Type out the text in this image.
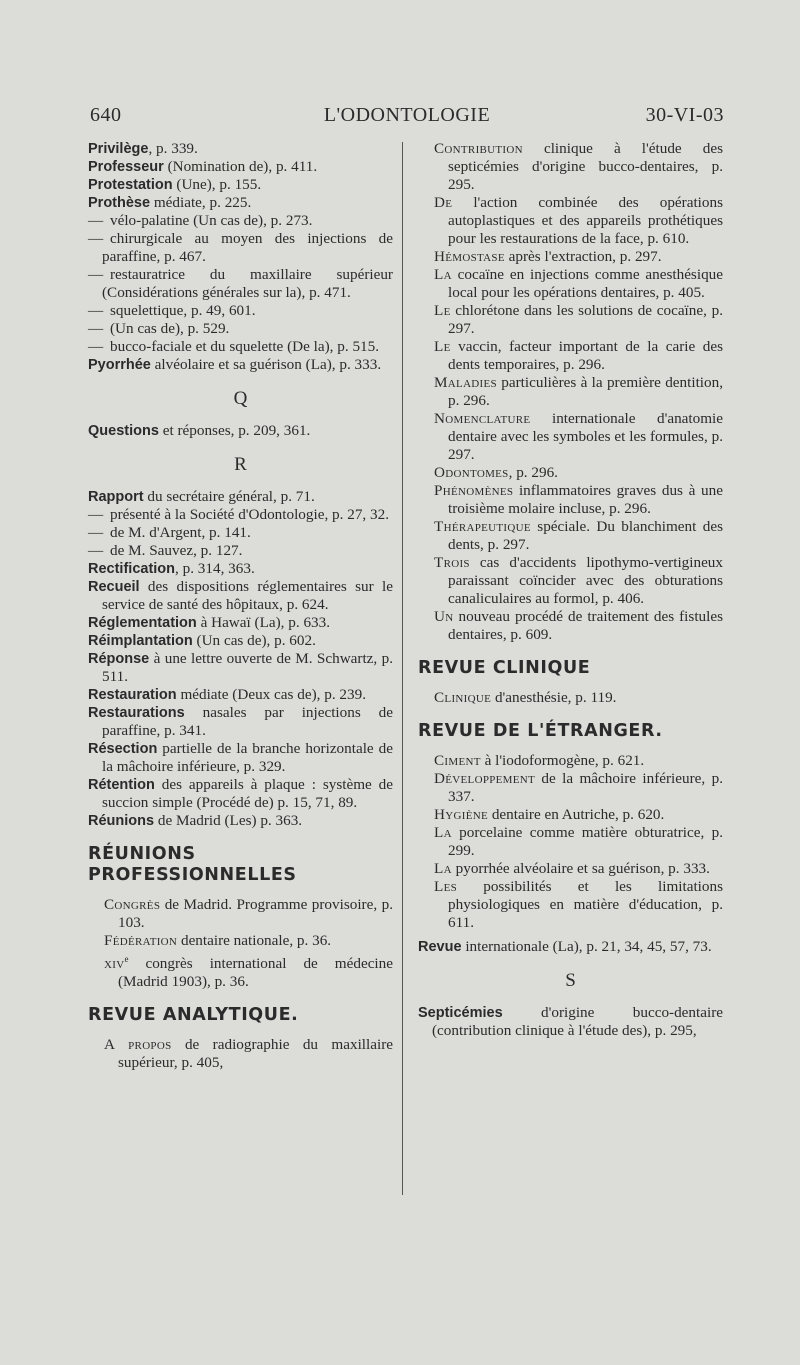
640	L'ODONTOLOGIE	30-VI-03
Privilège, p. 339.
Professeur (Nomination de), p. 411.
Protestation (Une), p. 155.
Prothèse médiate, p. 225.
— vélo-palatine (Un cas de), p. 273.
— chirurgicale au moyen des injections de paraffine, p. 467.
— restauratrice du maxillaire supérieur (Considérations générales sur la), p. 471.
— squelettique, p. 49, 601.
— (Un cas de), p. 529.
— bucco-faciale et du squelette (De la), p. 515.
Pyorrhée alvéolaire et sa guérison (La), p. 333.
Q
Questions et réponses, p. 209, 361.
R
Rapport du secrétaire général, p. 71.
— présenté à la Société d'Odontologie, p. 27, 32.
— de M. d'Argent, p. 141.
— de M. Sauvez, p. 127.
Rectification, p. 314, 363.
Recueil des dispositions réglementaires sur le service de santé des hôpitaux, p. 624.
Réglementation à Hawaï (La), p. 633.
Réimplantation (Un cas de), p. 602.
Réponse à une lettre ouverte de M. Schwartz, p. 511.
Restauration médiate (Deux cas de), p. 239.
Restaurations nasales par injections de paraffine, p. 341.
Résection partielle de la branche horizontale de la mâchoire inférieure, p. 329.
Rétention des appareils à plaque : système de succion simple (Procédé de) p. 15, 71, 89.
Réunions de Madrid (Les) p. 363.
RÉUNIONS PROFESSIONNELLES
Congrès de Madrid. Programme provisoire, p. 103.
Fédération dentaire nationale, p. 36.
xiv$^e$ congrès international de médecine (Madrid 1903), p. 36.
REVUE ANALYTIQUE.
A propos de radiographie du maxillaire supérieur, p. 405,
Contribution clinique à l'étude des septicémies d'origine bucco-dentaires, p. 295.
De l'action combinée des opérations autoplastiques et des appareils prothétiques pour les restaurations de la face, p. 610.
Hémostase après l'extraction, p. 297.
La cocaïne en injections comme anesthésique local pour les opérations dentaires, p. 405.
Le chlorétone dans les solutions de cocaïne, p. 297.
Le vaccin, facteur important de la carie des dents temporaires, p. 296.
Maladies particulières à la première dentition, p. 296.
Nomenclature internationale d'anatomie dentaire avec les symboles et les formules, p. 297.
Odontomes, p. 296.
Phénomènes inflammatoires graves dus à une troisième molaire incluse, p. 296.
Thérapeutique spéciale. Du blanchiment des dents, p. 297.
Trois cas d'accidents lipothymo-vertigineux paraissant coïncider avec des obturations canaliculaires au formol, p. 406.
Un nouveau procédé de traitement des fistules dentaires, p. 609.
REVUE CLINIQUE
Clinique d'anesthésie, p. 119.
REVUE DE L'ÉTRANGER.
Ciment à l'iodoformogène, p. 621.
Développement de la mâchoire inférieure, p. 337.
Hygiène dentaire en Autriche, p. 620.
La porcelaine comme matière obturatrice, p. 299.
La pyorrhée alvéolaire et sa guérison, p. 333.
Les possibilités et les limitations physiologiques en matière d'éducation, p. 611.
Revue internationale (La), p. 21, 34, 45, 57, 73.
S
Septicémies d'origine bucco-dentaire (contribution clinique à l'étude des), p. 295,
